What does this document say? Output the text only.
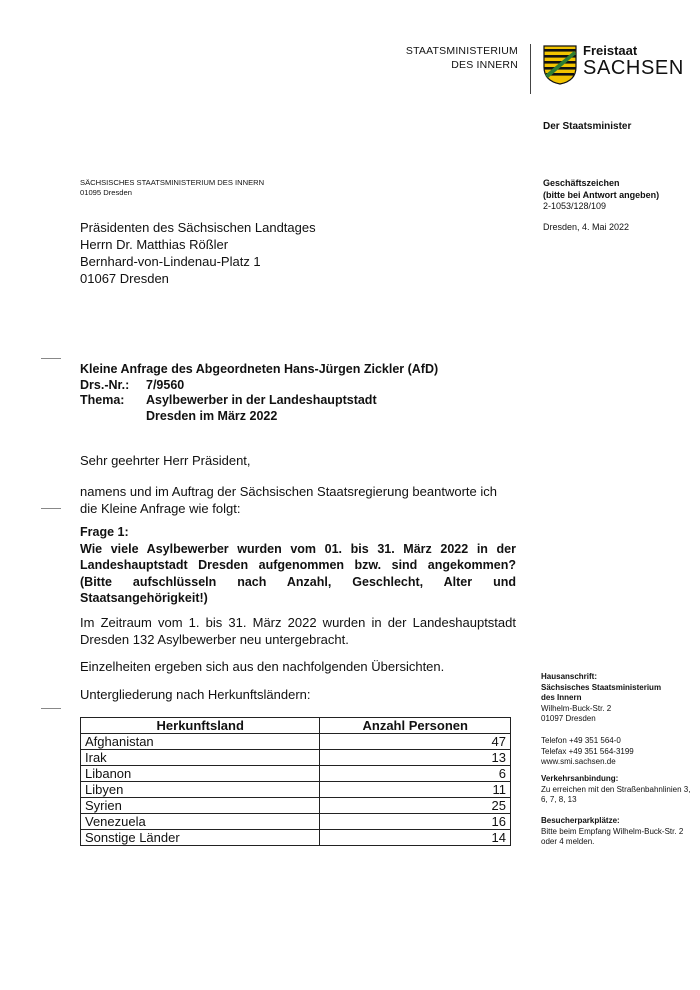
STAATSMINISTERIUM
DES INNERN
Freistaat
SACHSEN
Der Staatsminister
SÄCHSISCHES STAATSMINISTERIUM DES INNERN
01095 Dresden
Geschäftszeichen
(bitte bei Antwort angeben)
2-1053/128/109
Dresden, 4. Mai 2022
Präsidenten des Sächsischen Landtages
Herrn Dr. Matthias Rößler
Bernhard-von-Lindenau-Platz 1
01067 Dresden
Kleine Anfrage des Abgeordneten Hans-Jürgen Zickler (AfD)
Drs.-Nr.:	7/9560
Thema:	Asylbewerber in der Landeshauptstadt Dresden im März 2022
Sehr geehrter Herr Präsident,
namens und im Auftrag der Sächsischen Staatsregierung beantworte ich die Kleine Anfrage wie folgt:
Frage 1:
Wie viele Asylbewerber wurden vom 01. bis 31. März 2022 in der Landeshauptstadt Dresden aufgenommen bzw. sind angekommen? (Bitte aufschlüsseln nach Anzahl, Geschlecht, Alter und Staatsangehörigkeit!)
Im Zeitraum vom 1. bis 31. März 2022 wurden in der Landeshauptstadt Dresden 132 Asylbewerber neu untergebracht.
Einzelheiten ergeben sich aus den nachfolgenden Übersichten.
Untergliederung nach Herkunftsländern:
Herkunftsland	Anzahl Personen
Afghanistan	47
Irak	13
Libanon	6
Libyen	11
Syrien	25
Venezuela	16
Sonstige Länder	14
Hausanschrift:
Sächsisches Staatsministerium
des Innern
Wilhelm-Buck-Str. 2
01097 Dresden
Telefon +49 351 564-0
Telefax +49 351 564-3199
www.smi.sachsen.de
Verkehrsanbindung:
Zu erreichen mit den Straßenbahnlinien 3, 6, 7, 8, 13
Besucherparkplätze:
Bitte beim Empfang Wilhelm-Buck-Str. 2 oder 4 melden.
